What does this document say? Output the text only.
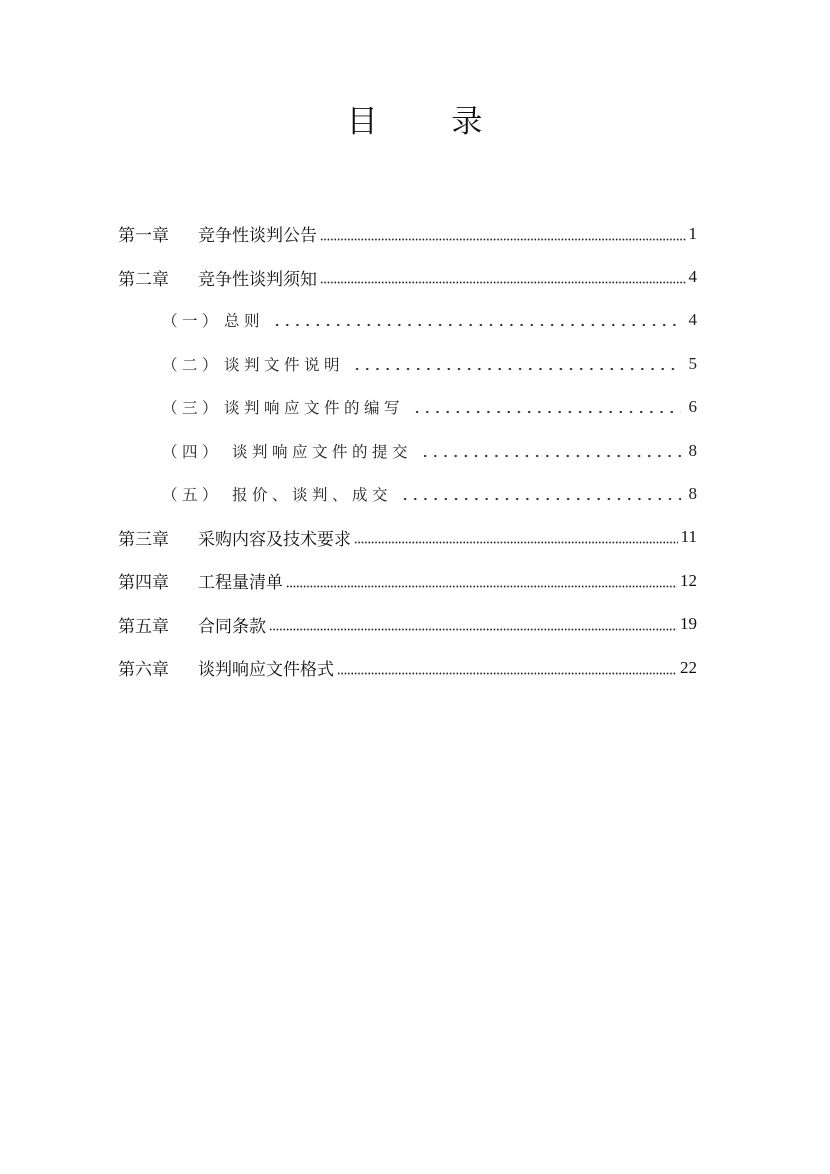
目 录
第一章	竞争性谈判公告	1
第二章	竞争性谈判须知	4
（一） 总则	4
（二） 谈判文件说明	5
（三） 谈判响应文件的编写	6
（四） 谈判响应文件的提交	8
（五） 报价、谈判、成交	8
第三章	采购内容及技术要求	11
第四章	工程量清单	12
第五章	合同条款	19
第六章	谈判响应文件格式	22
